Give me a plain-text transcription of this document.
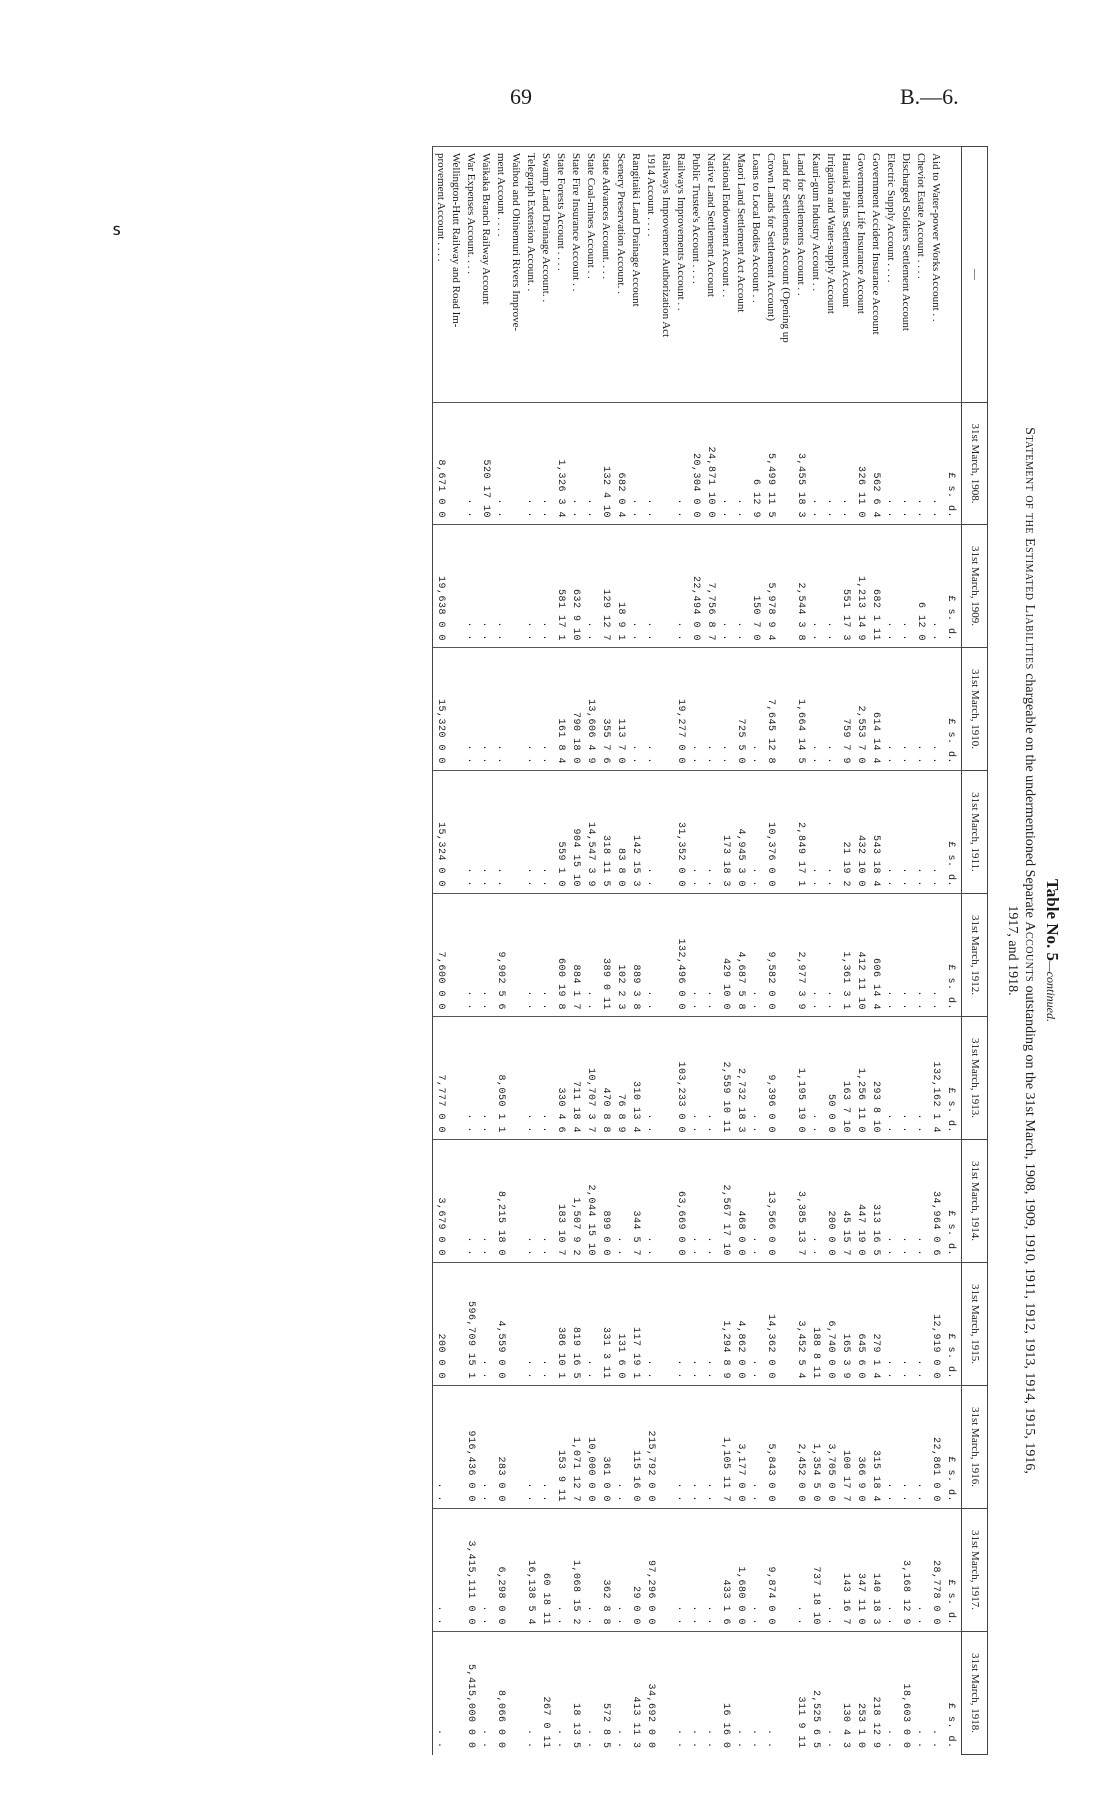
69	B.—6.
ᔆ
Table No. 5—continued.
Statement of the Estimated Liabilities chargeable on the undermentioned Separate Accounts outstanding on the 31st March, 1908, 1909, 1910, 1911, 1912, 1913, 1914, 1915, 1916,
1917, and 1918.
—	31st March, 1908.	31st March, 1909.	31st March, 1910.	31st March, 1911.	31st March, 1912.	31st March, 1913.	31st March, 1914.	31st March, 1915.	31st March, 1916.	31st March, 1917.	31st March, 1918.
	£ s. d.	£ s. d.	£ s. d.	£ s. d.	£ s. d.	£ s. d.	£ s. d.	£ s. d.	£ s. d.	£ s. d.	£ s. d.
Aid to Water-power Works Account . .	. .	. .	. .	. .	. .	132,162 1 4	34,964 0 6	12,919 0 0	22,861 0 0	28,778 0 0	. .
Cheviot Estate Account . . . .	. .	6 12 0	. .	. .	. .	. .	. .	. .	. .	. .	. .
Discharged Soldiers Settlement Account	. .	. .	. .	. .	. .	. .	. .	. .	. .	3,168 12 9	18,603 0 0
Electric Supply Account . . . .	. .	. .	. .	. .	. .	. .	. .	. .	. .	. .	. .
Government Accident Insurance Account	562 6 4	682 1 11	614 14 4	543 18 4	606 14 4	293 8 10	313 16 5	279 1 4	315 18 4	140 18 3	218 12 9
Government Life Insurance Account	326 11 0	1,213 14 9	2,553 7 0	432 10 0	412 11 10	1,256 11 0	447 19 0	645 6 0	366 9 0	347 11 0	253 1 0
Hauraki Plains Settlement Account	. .	551 17 3	759 7 9	21 19 2	1,361 3 1	163 7 10	45 15 7	165 3 9	100 17 7	143 16 7	130 4 3
Irrigation and Water-supply Account	. .	. .	. .	. .	. .	50 0 0	200 0 0	6,740 0 0	3,705 0 0	. .	. .
Kauri-gum Industry Account . .	. .	. .	. .	. .	. .	. .	. .	188 8 11	1,354 5 0	737 18 10	2,525 6 5
Land for Settlements Account . .	3,455 18 3	2,544 3 8	1,664 14 5	2,849 17 1	2,977 3 9	1,195 19 0	3,385 13 7	3,452 5 4	2,452 0 0	. .	311 9 11
Land for Settlements Account (Opening up											
Crown Lands for Settlement Account)	5,499 11 5	5,978 9 4	7,645 12 8	10,376 0 0	9,582 0 0	9,396 0 0	13,566 0 0	14,362 0 0	5,843 0 0	9,874 0 0	. .
Loans to Local Bodies Account . .	6 12 9	150 7 0	. .	. .	. .	. .	. .	. .	. .	. .	. .
Maori Land Settlement Act Account	. .	. .	725 5 0	4,945 3 0	4,687 5 8	2,732 18 3	468 0 0	4,862 0 0	3,177 0 0	1,680 0 0	. .
National Endowment Account . .	. .	. .	. .	173 18 3	429 10 0	2,559 10 11	2,567 17 10	1,294 8 9	1,105 11 7	433 1 6	16 16 0
Native Land Settlement Account	24,871 10 0	7,756 8 7	. .	. .	. .	. .	. .	. .	. .	. .	. .
Public Trustee's Account . . . .	20,304 0 0	22,494 0 0	. .	. .	. .	. .	. .	. .	. .	. .	. .
Railways Improvements Account . .	. .	. .	19,277 0 0	31,352 0 0	132,496 0 0	103,233 0 0	63,669 0 0	. .	. .	. .	. .
Railways Improvement Authorization Act											
1914 Account . . . .	. .	. .	. .	. .	. .	. .	. .	. .	215,792 0 0	97,296 0 0	34,692 0 0
Rangitaiki Land Drainage Account	. .	. .	. .	142 15 3	889 3 8	310 13 4	344 5 7	117 19 1	115 16 0	29 0 0	413 11 3
Scenery Preservation Account. .	682 0 4	18 9 1	113 7 0	83 8 0	102 2 3	76 8 9	. .	131 6 0	. .	. .	. .
State Advances Account. . . .	132 4 10	129 12 7	355 7 6	318 11 5	389 0 11	470 8 8	899 0 0	331 3 11	361 0 0	362 8 8	572 8 5
State Coal-mines Account . .	. .	. .	13,606 4 9	14,547 3 9	. .	10,707 3 7	2,044 15 10	. .	10,000 0 0	. .	. .
State Fire Insurance Account . .	. .	632 9 10	790 18 0	904 15 10	884 1 7	711 18 4	1,507 9 2	819 16 5	1,071 12 7	1,068 15 2	18 13 5
State Forests Account . . . .	1,326 3 4	581 17 1	161 8 4	559 1 0	600 19 8	330 4 6	183 10 7	386 10 1	153 9 11	. .	. .
Swamp Land Drainage Account. .	. .	. .	. .	. .	. .	. .	. .	. .	. .	60 18 11	267 0 11
Telegraph Extension Account. .	. .	. .	. .	. .	. .	. .	. .	. .	. .	16,138 5 4	. .
Waihou and Ohinemuri Rivers Improve-											
ment Account . . . .	. .	. .	. .	. .	9,902 5 6	8,050 1 1	8,215 18 0	4,559 0 0	283 0 0	6,298 0 0	8,066 0 0
Waikaka Branch Railway Account	520 17 10	. .	. .	. .	. .	. .	. .	. .	. .	. .	. .
War Expenses Account. . . .	. .	. .	. .	. .	. .	. .	. .	596,709 15 1	916,436 0 0	3,415,111 0 0	5,415,000 0 0
Wellington-Hutt Railway and Road Im-											
provement Account . . . .	8,671 0 0	19,638 0 0	15,320 0 0	15,324 0 0	7,600 0 0	7,777 0 0	3,679 0 0	200 0 0	. .	. .	. .
